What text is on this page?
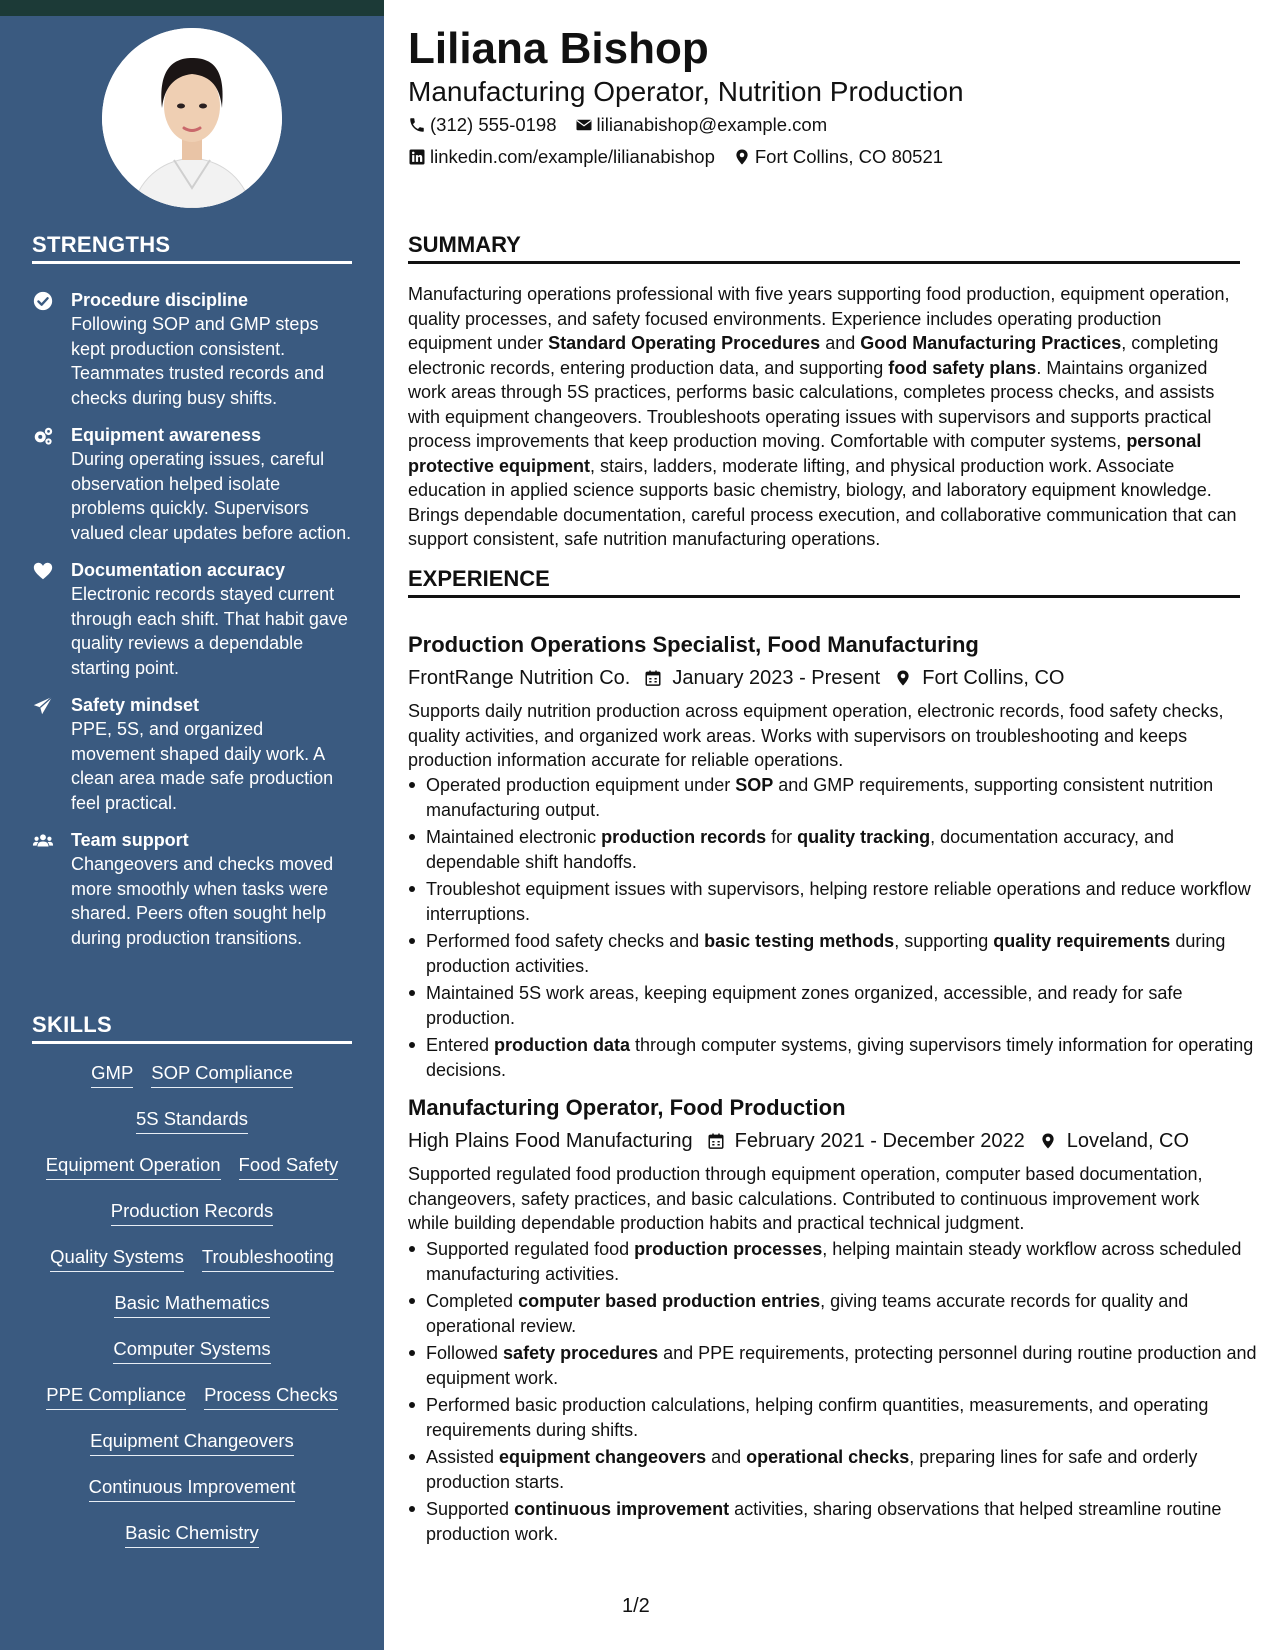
STRENGTHS
Procedure discipline
Following SOP and GMP steps kept production consistent. Teammates trusted records and checks during busy shifts.
Equipment awareness
During operating issues, careful observation helped isolate problems quickly. Supervisors valued clear updates before action.
Documentation accuracy
Electronic records stayed current through each shift. That habit gave quality reviews a dependable starting point.
Safety mindset
PPE, 5S, and organized movement shaped daily work. A clean area made safe production feel practical.
Team support
Changeovers and checks moved more smoothly when tasks were shared. Peers often sought help during production transitions.
SKILLS
GMP SOP Compliance
5S Standards
Equipment Operation Food Safety
Production Records
Quality Systems Troubleshooting
Basic Mathematics
Computer Systems
PPE Compliance Process Checks
Equipment Changeovers
Continuous Improvement
Basic Chemistry
Liliana Bishop
Manufacturing Operator, Nutrition Production
(312) 555-0198 lilianabishop@example.com
linkedin.com/example/lilianabishop Fort Collins, CO 80521
SUMMARY
Manufacturing operations professional with five years supporting food production, equipment operation, quality processes, and safety focused environments. Experience includes operating production equipment under Standard Operating Procedures and Good Manufacturing Practices, completing electronic records, entering production data, and supporting food safety plans. Maintains organized work areas through 5S practices, performs basic calculations, completes process checks, and assists with equipment changeovers. Troubleshoots operating issues with supervisors and supports practical process improvements that keep production moving. Comfortable with computer systems, personal protective equipment, stairs, ladders, moderate lifting, and physical production work. Associate education in applied science supports basic chemistry, biology, and laboratory equipment knowledge. Brings dependable documentation, careful process execution, and collaborative communication that can support consistent, safe nutrition manufacturing operations.
EXPERIENCE
Production Operations Specialist, Food Manufacturing
FrontRange Nutrition Co. January 2023 - Present Fort Collins, CO
Supports daily nutrition production across equipment operation, electronic records, food safety checks, quality activities, and organized work areas. Works with supervisors on troubleshooting and keeps production information accurate for reliable operations.
Operated production equipment under SOP and GMP requirements, supporting consistent nutrition manufacturing output.
Maintained electronic production records for quality tracking, documentation accuracy, and dependable shift handoffs.
Troubleshot equipment issues with supervisors, helping restore reliable operations and reduce workflow interruptions.
Performed food safety checks and basic testing methods, supporting quality requirements during production activities.
Maintained 5S work areas, keeping equipment zones organized, accessible, and ready for safe production.
Entered production data through computer systems, giving supervisors timely information for operating decisions.
Manufacturing Operator, Food Production
High Plains Food Manufacturing February 2021 - December 2022 Loveland, CO
Supported regulated food production through equipment operation, computer based documentation, changeovers, safety practices, and basic calculations. Contributed to continuous improvement work while building dependable production habits and practical technical judgment.
Supported regulated food production processes, helping maintain steady workflow across scheduled manufacturing activities.
Completed computer based production entries, giving teams accurate records for quality and operational review.
Followed safety procedures and PPE requirements, protecting personnel during routine production and equipment work.
Performed basic production calculations, helping confirm quantities, measurements, and operating requirements during shifts.
Assisted equipment changeovers and operational checks, preparing lines for safe and orderly production starts.
Supported continuous improvement activities, sharing observations that helped streamline routine production work.
1/2
